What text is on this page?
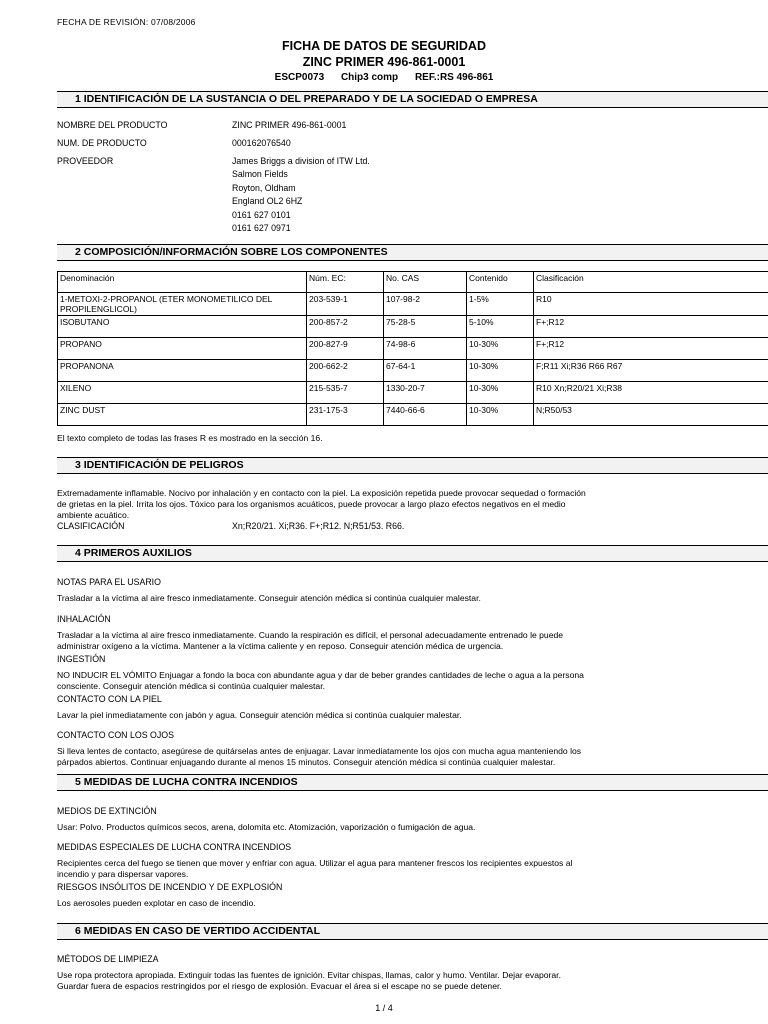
FECHA DE REVISIÓN: 07/08/2006
FICHA DE DATOS DE SEGURIDAD
ZINC PRIMER 496-861-0001
ESCP0073 Chip3 comp REF.:RS 496-861
1 IDENTIFICACIÓN DE LA SUSTANCIA O DEL PREPARADO Y DE LA SOCIEDAD O EMPRESA
NOMBRE DEL PRODUCTO	ZINC PRIMER 496-861-0001
NUM. DE PRODUCTO	000162076540
PROVEEDOR	James Briggs a division of ITW Ltd.
Salmon Fields
Royton, Oldham
England OL2 6HZ
0161 627 0101
0161 627 0971
2 COMPOSICIÓN/INFORMACIÓN SOBRE LOS COMPONENTES
Denominación	Núm. EC:	No. CAS	Contenido	Clasificación
1-METOXI-2-PROPANOL (ETER MONOMETILICO DEL PROPILENGLICOL)	203-539-1	107-98-2	1-5%	R10
ISOBUTANO	200-857-2	75-28-5	5-10%	F+;R12
PROPANO	200-827-9	74-98-6	10-30%	F+;R12
PROPANONA	200-662-2	67-64-1	10-30%	F;R11 Xi;R36 R66 R67
XILENO	215-535-7	1330-20-7	10-30%	R10 Xn;R20/21 Xi;R38
ZINC DUST	231-175-3	7440-66-6	10-30%	N;R50/53
El texto completo de todas las frases R es mostrado en la sección 16.
3 IDENTIFICACIÓN DE PELIGROS
Extremadamente inflamable. Nocivo por inhalación y en contacto con la piel. La exposición repetida puede provocar sequedad o formación
de grietas en la piel. Irrita los ojos. Tóxico para los organismos acuáticos, puede provocar a largo plazo efectos negativos en el medio
ambiente acuático.
CLASIFICACIÓN	Xn;R20/21. Xi;R36. F+;R12. N;R51/53. R66.
4 PRIMEROS AUXILIOS
NOTAS PARA EL USARIO
Trasladar a la víctima al aire fresco inmediatamente. Conseguir atención médica si continúa cualquier malestar.
INHALACIÓN
Trasladar a la víctima al aire fresco inmediatamente. Cuando la respiración es difícil, el personal adecuadamente entrenado le puede
administrar oxígeno a la víctima. Mantener a la víctima caliente y en reposo. Conseguir atención médica de urgencia.
INGESTIÓN
NO INDUCIR EL VÓMITO Enjuagar a fondo la boca con abundante agua y dar de beber grandes cantidades de leche o agua a la persona
consciente. Conseguir atención médica si continúa cualquier malestar.
CONTACTO CON LA PIEL
Lavar la piel inmediatamente con jabón y agua. Conseguir atención médica si continúa cualquier malestar.
CONTACTO CON LOS OJOS
Si lleva lentes de contacto, asegúrese de quitárselas antes de enjuagar. Lavar inmediatamente los ojos con mucha agua manteniendo los
párpados abiertos. Continuar enjuagando durante al menos 15 minutos. Conseguir atención médica si continúa cualquier malestar.
5 MEDIDAS DE LUCHA CONTRA INCENDIOS
MEDIOS DE EXTINCIÓN
Usar: Polvo. Productos químicos secos, arena, dolomita etc. Atomización, vaporización o fumigación de agua.
MEDIDAS ESPECIALES DE LUCHA CONTRA INCENDIOS
Recipientes cerca del fuego se tienen que mover y enfriar con agua. Utilizar el agua para mantener frescos los recipientes expuestos al
incendio y para dispersar vapores.
RIESGOS INSÓLITOS DE INCENDIO Y DE EXPLOSIÓN
Los aerosoles pueden explotar en caso de incendio.
6 MEDIDAS EN CASO DE VERTIDO ACCIDENTAL
MÉTODOS DE LIMPIEZA
Use ropa protectora apropiada. Extinguir todas las fuentes de ignición. Evitar chispas, llamas, calor y humo. Ventilar. Dejar evaporar.
Guardar fuera de espacios restringidos por el riesgo de explosión. Evacuar el área si el escape no se puede detener.
1 / 4
